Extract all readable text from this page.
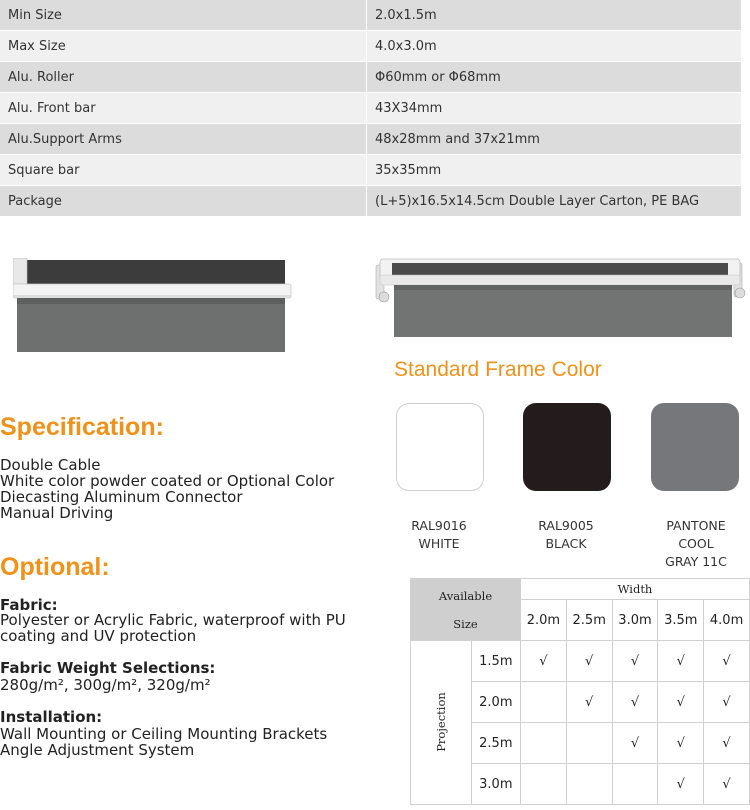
Min Size	2.0x1.5m
Max Size	4.0x3.0m
Alu. Roller	Φ60mm or Φ68mm
Alu. Front bar	43X34mm
Alu.Support Arms	48x28mm and 37x21mm
Square bar	35x35mm
Package	(L+5)x16.5x14.5cm Double Layer Carton, PE BAG
Standard Frame Color
RAL9016
WHITE
RAL9005
BLACK
PANTONE
COOL
GRAY 11C
Specification:
Double Cable
White color powder coated or Optional Color
Diecasting Aluminum Connector
Manual Driving
Optional:
Fabric:
Polyester or Acrylic Fabric, waterproof with PU
coating and UV protection
Fabric Weight Selections:
280g/m², 300g/m², 320g/m²
Installation:
Wall Mounting or Ceiling Mounting Brackets
Angle Adjustment System
Available

Size		Width				
		2.0m	2.5m	3.0m	3.5m	4.0m
Projection	1.5m	√	√	√	√	√
	2.0m		√	√	√	√
	2.5m			√	√	√
	3.0m				√	√
